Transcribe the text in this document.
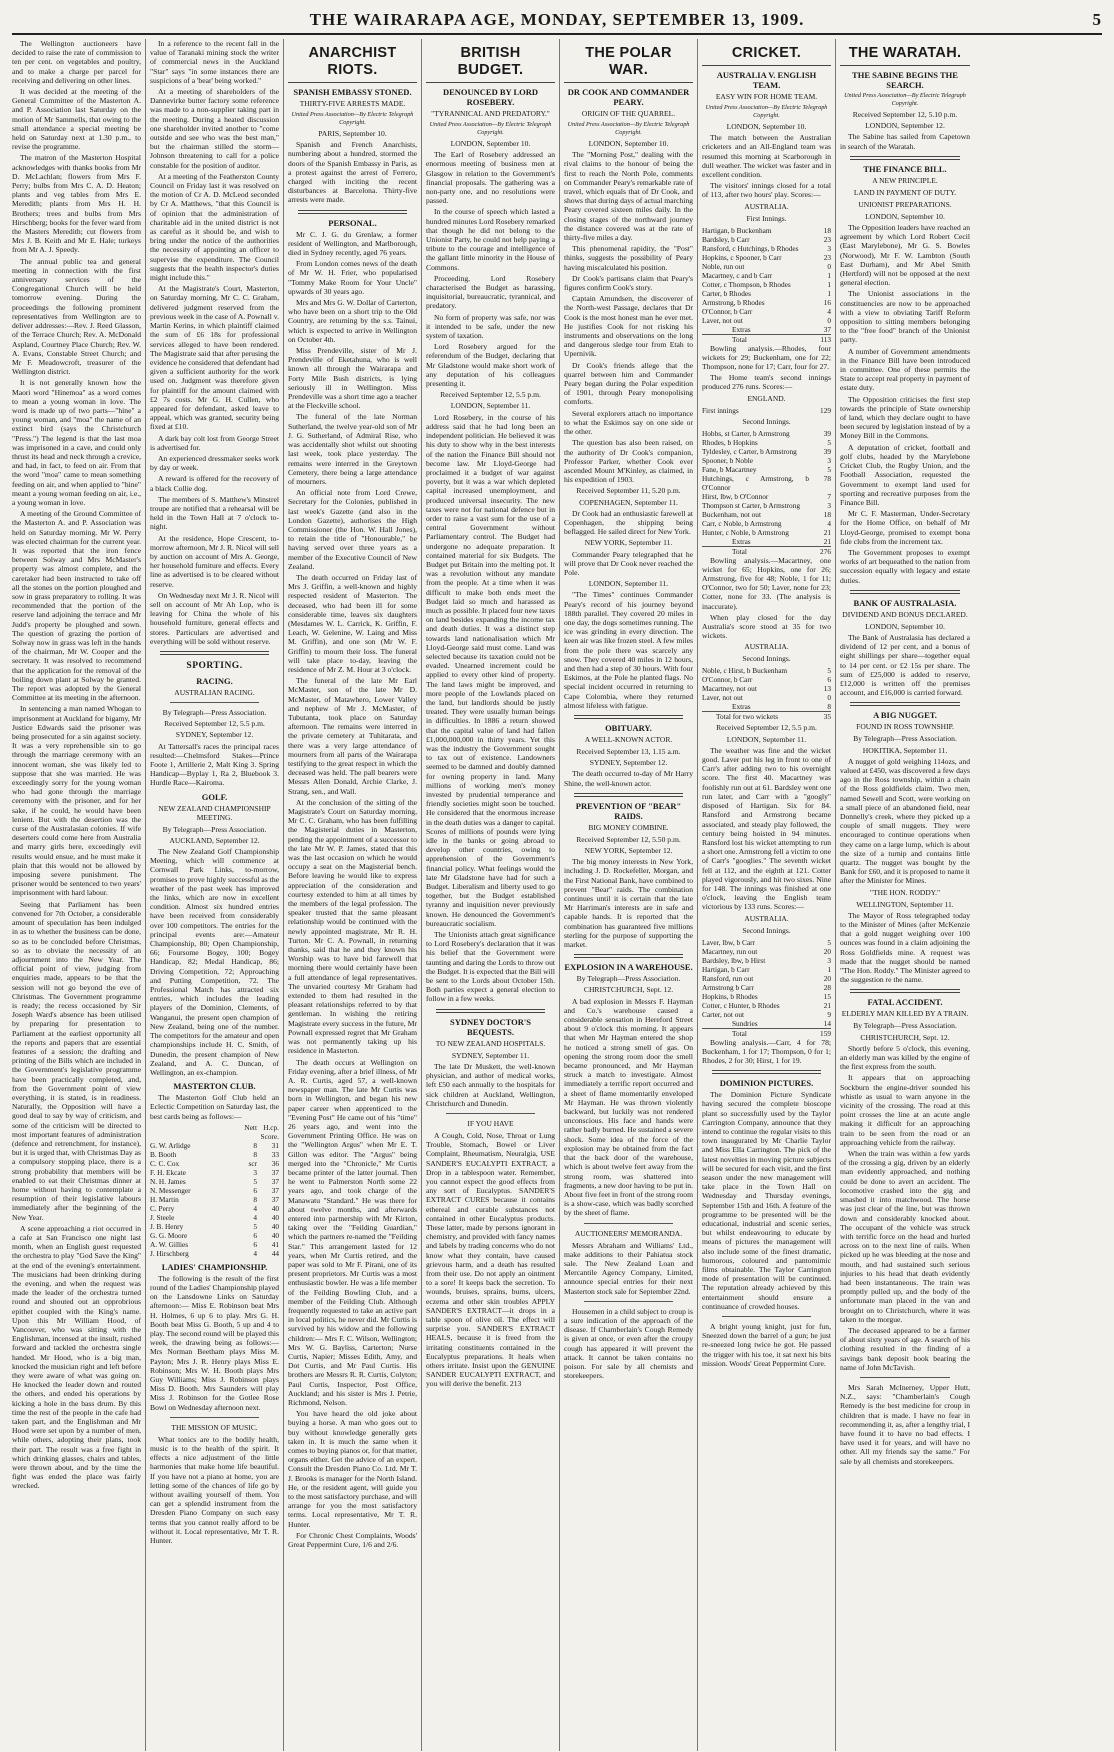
THE WAIRARAPA AGE, MONDAY, SEPTEMBER 13, 1909.	5

The Wellington auctioneers have decided to raise the rate of commission to ten per cent. on vegetables and poultry, and to make a charge per parcel for receiving and delivering on other lines.

It was decided at the meeting of the General Committee of the Masterton A. and P. Association last Saturday on the motion of Mr Sammells, that owing to the small attendance a special meeting be held on Saturday next at 1.30 p.m., to revise the programme.

The matron of the Masterton Hospital acknowledges with thanks books from Mr D. McLachlan; flowers from Mrs F. Perry; bulbs from Mrs C. A. D. Heaton; plants and veg tables from Mrs E. Meredith; plants from Mrs H. H. Brothers; trees and bulbs from Mrs Hirschberg; books for the fever ward from the Masters Meredith; cut flowers from Mrs J. B. Keith and Mr E. Hale; turkeys from Mr A. J. Speedy.

The annual public tea and general meeting in connection with the first anniversary services of the Congregational Church will be held tomorrow evening. During the proceedings the following prominent representatives from Wellington are to deliver addresses:—Rev. J. Reed Glasson, of the Terrace Church; Rev. A. McDonald Aspland, Courtney Place Church; Rev. W. A. Evans, Constable Street Church; and Mr F. Meadowcroft, treasurer of the Wellington district.

It is not generally known how the Maori word "Hinemoa" as a word comes to mean a young woman in love. The word is made up of two parts—"hine" a young woman, and "moa" the name of an extinct bird (says the Christchurch "Press.") The legend is that the last moa was imprisoned in a cave, and could only thrust its head and neck through a crevice, and had, in fact, to feed on air. From that the word "moa" came to mean something feeding on air, and when applied to "hine" meant a young woman feeding on air, i.e., a young woman in love.

A meeting of the Ground Committee of the Masterton A. and P. Association was held on Saturday morning. Mr W. Perry was elected chairman for the current year. It was reported that the iron fence between Solway and Mrs McMaster's property was almost complete, and the caretaker had been instructed to take off all the stones on the portion ploughed and sow in grass preparatory to rolling. It was recommended that the portion of the reserve land adjoining the terrace and Mr Judd's property be ploughed and sown. The question of grazing the portion of Solway now in grass was left in the hands of the chairman, Mr W. Cooper and the secretary. It was resolved to recommend that the application for the removal of the boiling down plant at Solway be granted. The report was adopted by the General Committee at its meeting in the afternoon.

In sentencing a man named Whogan to imprisonment at Auckland for bigamy, Mr Justice Edwards said the prisoner was being prosecuted for a sin against society. It was a very reprehensible sin to go through the marriage ceremony with an innocent woman, she was likely led to suppose that she was married. He was exceedingly sorry for the young woman who had gone through the marriage ceremony with the prisoner, and for her sake, if he could, he would have been lenient. But with the desertion was the curse of the Australasian colonies. If wife deserters could come here from Australia and marry girls here, exceedingly evil results would ensue, and he must make it plain that this would not be allowed by imposing severe punishment. The prisoner would be sentenced to two years' imprisonment with hard labour.

Seeing that Parliament has been convened for 7th October, a considerable amount of speculation has been indulged in as to whether the business can be done, so as to be concluded before Christmas, so as to obviate the necessity of an adjournment into the New Year. The official point of view, judging from enquiries made, appears to be that the session will not go beyond the eve of Christmas. The Government programme is ready; the recess occasioned by Sir Joseph Ward's absence has been utilised by preparing for presentation to Parliament at the earliest opportunity all the reports and papers that are essential features of a session; the drafting and printing of the Bills which are included in the Government's legislative programme have been practically completed, and, from the Government point of view everything, it is stated, is in readiness. Naturally, the Opposition will have a good deal to say by way of criticism, and some of the criticism will be directed to most important features of administration (defence and retrenchment, for instance), but it is urged that, with Christmas Day as a compulsory stopping place, there is a strong probability that members will be enabled to eat their Christmas dinner at home without having to contemplate a resumption of their legislative labours immediately after the beginning of the New Year.

A scene approaching a riot occurred in a cafe at San Francisco one night last month, when an English guest requested the orchestra to play "God Save the King" at the end of the evening's entertainment. The musicians had been drinking during the evening, and when the request was made the leader of the orchestra turned round and shouted out an opprobrious epithet coupled with the King's name. Upon this Mr William Hood, of Vancouver, who was sitting with the Englishman, incensed at the insult, rushed forward and tackled the orchestra single handed. Mr Hood, who is a big man, knocked the musician right and left before they were aware of what was going on. He knocked the leader down and routed the others, and ended his operations by kicking a hole in the bass drum. By this time the rest of the people in the cafe had taken part, and the Englishman and Mr Hood were set upon by a number of men, while others, adopting their plans, took their part. The result was a free fight in which drinking glasses, chairs and tables, were thrown about, and by the time the fight was ended the place was fairly wrecked.

In a reference to the recent fall in the value of Taranaki mining stock the writer of commercial news in the Auckland "Star" says "in some instances there are suspicions of a 'bear' being worked."

At a meeting of shareholders of the Dannevirke butter factory some reference was made to a non-supplier taking part in the meeting. During a heated discussion one shareholder invited another to "come outside and see who was the best man," but the chairman stilled the storm—Johnson threatening to call for a police constable for the position of auditor.

At a meeting of the Featherston County Council on Friday last it was resolved on the motion of Cr A. D. McLeod seconded by Cr A. Matthews, "that this Council is of opinion that the administration of charitable aid in the united district is not as careful as it should be, and wish to bring under the notice of the authorities the necessity of appointing an officer to supervise the expenditure. The Council suggests that the health inspector's duties might include this."

At the Magistrate's Court, Masterton, on Saturday morning, Mr C. C. Graham, delivered judgment reserved from the previous week in the case of A. Pownall v. Martin Kerins, in which plaintiff claimed the sum of £6 18s for professional services alleged to have been rendered. The Magistrate said that after perusing the evidence he considered that defendant had given a sufficient authority for the work used on. Judgment was therefore given for plaintiff for the amount claimed with £2 7s costs. Mr G. H. Cullen, who appeared for defendant, asked leave to appeal, which was granted, security being fixed at £10.

A dark bay colt lost from George Street is advertised for.

An experienced dressmaker seeks work by day or week.

A reward is offered for the recovery of a black Collie dog.

The members of S. Matthew's Minstrel troupe are notified that a rehearsal will be held in the Town Hall at 7 o'clock to-night.

At the residence, Hope Crescent, to-morrow afternoon, Mr J. R. Nicol will sell by auction on account of Mrs A. George, her household furniture and effects. Every line as advertised is to be cleared without reserve.

On Wednesday next Mr J. R. Nicol will sell on account of Mr Ah Lop, who is leaving for China the whole of his household furniture, general effects and stores. Particulars are advertised and everything will be sold without reserve.

SPORTING.
RACING.
AUSTRALIAN RACING.
By Telegraph—Press Association.
Received September 12, 5.5 p.m.
SYDNEY, September 12.

At Tattersall's races the principal races resulted:—Chelmsford Stakes—Prince Foote 1, Artillerie 2, Malt King 3. Spring Handicap—Byplay 1, Ra 2, Bluebook 3. Hurdle Race—Kairoma.

GOLF.
NEW ZEALAND CHAMPIONSHIP MEETING.
By Telegraph—Press Association.
AUCKLAND, September 12.

The New Zealand Golf Championship Meeting, which will commence at Cornwall Park Links, to-morrow, promises to prove highly successful as the weather of the past week has improved the links, which are now in excellent condition. Almost six hundred entries have been received from considerably over 100 competitors. The entries for the principal events are:—Amateur Championship, 80; Open Championship, 66; Foursome Bogey, 100; Bogey Handicap, 82; Medal Handicap, 86; Driving Competition, 72; Approaching and Putting Competition, 72. The Professional Match has attracted six entries, which includes the leading players of the Dominion, Clements, of Wanganui, the present open champion of New Zealand, being one of the number. The competitors for the amateur and open championships include H. C. Smith, of Dunedin, the present champion of New Zealand, and A. C. Duncan, of Wellington, an ex-champion.

MASTERTON CLUB.

The Masterton Golf Club held an Eclectic Competition on Saturday last, the best cards being as follows:—

	Nett	H.cp. Score.
G. W. Arlidge	8	31
B. Booth	8	33
C. C. Cox	scr	36
F. H. Ekcate	3	37
N. H. James	5	37
N. Messenger	6	37
H. Martin	8	37
C. Perry	4	40
J. Steele	4	40
J. B. Henry	5	40
G. G. Moore	6	40
A. W. Gillies	6	41
J. Hirschberg	4	44
LADIES' CHAMPIONSHIP.

The following is the result of the first round of the Ladies' Championship played on the Lansdowne Links on Saturday afternoon:— Miss E. Robinson beat Mrs H. Holmes, 6 up 6 to play. Mrs G. H. Booth beat Miss G. Booth, 5 up and 4 to play. The second round will be played this week, the drawing being as follows:— Mrs Norman Beetham plays Miss M. Payton; Mrs J. R. Henry plays Miss E. Robinson; Mrs W. H. Booth plays Mrs Guy Williams; Miss J. Robinson plays Miss D. Booth. Mrs Saunders will play Miss J. Robinson for the Gotlee Rose Bowl on Wednesday afternoon next.

THE MISSION OF MUSIC.

What tonics are to the bodily health, music is to the health of the spirit. It effects a nice adjustment of the little harmonies that make home life beautiful. If you have not a piano at home, you are letting some of the chances of life go by without availing yourself of them. You can get a splendid instrument from the Dresden Piano Company on such easy terms that you cannot really afford to be without it. Local representative, Mr T. R. Hunter.

ANARCHIST RIOTS.
SPANISH EMBASSY STONED.
THIRTY-FIVE ARRESTS MADE.
United Press Association—By Electric Telegraph Copyright.
PARIS, September 10.

Spanish and French Anarchists, numbering about a hundred, stormed the doors of the Spanish Embassy in Paris, as a protest against the arrest of Ferrero, charged with inciting the recent disturbances at Barcelona. Thirty-five arrests were made.

PERSONAL.

Mr C. J. G. du Grenlaw, a former resident of Wellington, and Marlborough, died in Sydney recently, aged 76 years.

From London comes news of the death of Mr W. H. Frier, who popularised "Tommy Make Room for Your Uncle" upwards of 30 years ago.

Mrs and Mrs G. W. Dollar of Carterton, who have been on a short trip to the Old Country, are returning by the s.s. Tainui, which is expected to arrive in Wellington on October 4th.

Miss Prendeville, sister of Mr J. Prendeville of Eketahuna, who is well known all through the Wairarapa and Forty Mile Bush districts, is lying seriously ill in Wellington. Miss Prendeville was a short time ago a teacher at the Fleckville school.

The funeral of the late Norman Sutherland, the twelve year-old son of Mr J. G. Sutherland, of Admiral Rise, who was accidentally shot whilst out shooting last week, took place yesterday. The remains were interred in the Greytown Cemetery, there being a large attendance of mourners.

An official note from Lord Crewe, Secretary for the Colonies, published in last week's Gazette (and also in the London Gazette), authorises the High Commissioner (the Hon. W. Hall Jones), to retain the title of "Honourable," he having served over three years as a member of the Executive Council of New Zealand.

The death occurred on Friday last of Mrs J. Griffin, a well-known and highly respected resident of Masterton. The deceased, who had been ill for some considerable time, leaves six daughters (Mesdames W. L. Carrick, K. Griffin, F. Leach, W. Gelenine, W. Laing and Miss M. Griffin), and one son (Mr W. F. Griffin) to mourn their loss. The funeral will take place to-day, leaving the residence of Mr Z. M. Hour at 3 o'clock.

The funeral of the late Mr Earl McMaster, son of the late Mr D. McMaster, of Matawhero, Lower Valley and nephew of Mr J. McMaster, of Tubutanta, took place on Saturday afternoon. The remains were interred in the private cemetery at Tuhitarata, and there was a very large attendance of mourners from all parts of the Wairarapa testifying to the great respect in which the deceased was held. The pall bearers were Messrs Allen Donald, Archie Clarke, J. Strang, sen., and Wall.

At the conclusion of the sitting of the Magistrate's Court on Saturday morning, Mr C. C. Graham, who has been fulfilling the Magisterial duties in Masterton, pending the appointment of a successor to the late Mr W. P. James, stated that this was the last occasion on which he would occupy a seat on the Magisterial bench. Before leaving he would like to express appreciation of the consideration and courtesy extended to him at all times by the members of the legal profession. The speaker trusted that the same pleasant relationship would be continued with the newly appointed magistrate, Mr R. H. Turton. Mr C. A. Pownall, in returning thanks, said that he and they known his Worship was to have bid farewell that morning there would certainly have been a full attendance of legal representatives. The unvaried courtesy Mr Graham had extended to them had resulted in the pleasant relationships referred to by that gentleman. In wishing the retiring Magistrate every success in the future, Mr Pownall expressed regret that Mr Graham was not permanently taking up his residence in Masterton.

The death occurs at Wellington on Friday evening, after a brief illness, of Mr A. R. Curtis, aged 57, a well-known newspaper man. The late Mr Curtis was born in Wellington, and began his new paper career when apprenticed to the "Evening Post" He came out of his "time" 26 years ago, and went into the Government Printing Office. He was on the "Wellington Argus" when Mr E. T. Gillon was editor. The "Argus" being merged into the "Chronicle," Mr Curtis became printer of the latter journal. Then he went to Palmerston North some 22 years ago, and took charge of the Manawatu "Standard." He was there for about twelve months, and afterwards entered into partnership with Mr Kirton, taking over the "Feilding Guardian," which the partners re-named the "Feilding Star." This arrangement lasted for 12 years, when Mr Curtis retired, and the paper was sold to Mr F. Pirani, one of its present proprietors. Mr Curtis was a most enthusiastic bowler. He was a life member of the Feilding Bowling Club, and a member of the Feilding Club. Although frequently requested to take an active part in local politics, he never did. Mr Curtis is survived by his widow and the following children:— Mrs F. C. Wilson, Wellington; Mrs W. G. Bayliss, Carterton; Nurse Curtis, Napier; Misses Edith, Amy, and Dot Curtis, and Mr Paul Curtis. His brothers are Messrs R. R. Curtis, Colyton; Paul Curtis, Inspector, Post Office, Auckland; and his sister is Mrs J. Petrie, Richmond, Nelson.

You have heard the old joke about buying a horse. A man who goes out to buy without knowledge generally gets taken in. It is much the same when it comes to buying pianos or, for that matter, organs either. Get the advice of an expert. Consult the Dresden Piano Co. Ltd. Mr T. J. Brooks is manager for the North Island. He, or the resident agent, will guide you to the most satisfactory purchase, and will arrange for you the most satisfactory terms. Local representative, Mr T. R. Hunter.

For Chronic Chest Complaints, Woods' Great Peppermint Cure, 1/6 and 2/6.

BRITISH BUDGET.
DENOUNCED BY LORD ROSEBERY.
"TYRANNICAL AND PREDATORY."
United Press Association—By Electric Telegraph Copyright.
LONDON, September 10.

The Earl of Rosebery addressed an enormous meeting of business men at Glasgow in relation to the Government's financial proposals. The gathering was a non-party one, and no resolutions were passed.

In the course of speech which lasted a hundred minutes Lord Rosebery remarked that though he did not belong to the Unionist Party, he could not help paying a tribute to the courage and intelligence of the gallant little minority in the House of Commons.

Proceeding, Lord Rosebery characterised the Budget as harassing, inquisitorial, bureaucratic, tyrannical, and predatory.

No form of property was safe, nor was it intended to be safe, under the new system of taxation.

Lord Rosebery argued for the referendum of the Budget, declaring that Mr Gladstone would make short work of any deputation of his colleagues presenting it.

Received September 12, 5.5 p.m.
LONDON, September 11.

Lord Rosebery, in the course of his address said that he had long been an independent politician. He believed it was his duty to show why in the best interests of the nation the Finance Bill should not become law. Mr Lloyd-George had proclaimed it a budget of war against poverty, but it was a war which depleted capital increased unemployment, and produced universal insecurity. The new taxes were not for national defence but in order to raise a vast sum for the use of a central Government without Parliamentary control. The Budget had undergone no adequate preparation. It contained material for six Budgets. The Budget put Britain into the melting pot. It was a revolution without any mandate from the people. At a time when it was difficult to make both ends meet the Budget laid so much and harassed as much as possible. It placed four new taxes on land besides expanding the income tax and death duties. It was a distinct step towards land nationalisation which Mr Lloyd-George said must come. Land was selected because its taxation could not be evaded. Unearned increment could be applied to every other kind of property. The land laws might be improved, and more people of the Lowlands placed on the land, but landlords should be justly treated. They were usually human beings in difficulties. In 1886 a return showed that the capital value of land had fallen £1,000,000,000 in thirty years. Yet this was the industry the Government sought to tax out of existence. Landowners seemed to be damned and doubly damned for owning property in land. Many millions of working men's money invested by prudential temperance and friendly societies might soon be touched. He considered that the enormous increase in the death duties was a danger to capital. Scores of millions of pounds were lying idle in the banks or going abroad to develop other countries, owing to apprehension of the Government's financial policy. What feelings would the late Mr Gladstone have had for such a Budget. Liberalism and liberty used to go together, but the Budget established tyranny and inquisition never previously known. He denounced the Government's bureaucratic socialism.

The Unionists attach great significance to Lord Rosebery's declaration that it was his belief that the Government were taunting and daring the Lords to throw out the Budget. It is expected that the Bill will be sent to the Lords about October 15th. Both parties expect a general election to follow in a few weeks.

SYDNEY DOCTOR'S BEQUESTS.
TO NEW ZEALAND HOSPITALS.
SYDNEY, September 11.

The late Dr Muskett, the well-known physician, and author of medical works, left £50 each annually to the hospitals for sick children at Auckland, Wellington, Christchurch and Dunedin.

IF YOU HAVE

A Cough, Cold, Nose, Throat or Lung Trouble, Stomach, Bowel or Liver Complaint, Rheumatism, Neuralgia, USE SANDER'S EUCALYPTI EXTRACT, a Drop in a tablespoon water. Remember, you cannot expect the good effects from any sort of Eucalyptus. SANDER'S EXTRACT CURES because it contains ethereal and curable substances not contained in other Eucalyptus products. These latter, made by persons ignorant in chemistry, and provided with fancy names and labels by trading concerns who do not know what they contain, have caused grievous harm, and a death has resulted from their use. Do not apply an ointment to a sore! It keeps back the secretion. To wounds, bruises, sprains, burns, ulcers, eczema and other skin troubles APPLY SANDER'S EXTRACT—it drops in a table spoon of olive oil. The effect will surprise you. SANDER'S EXTRACT HEALS, because it is freed from the irritating constituents contained in the Eucalyptus preparations. It heals when others irritate. Insist upon the GENUINE SANDER EUCALYPTI EXTRACT, and you will derive the benefit. 213

THE POLAR WAR.
DR COOK AND COMMANDER PEARY.
ORIGIN OF THE QUARREL.
United Press Association—By Electric Telegraph Copyright.
LONDON, September 10.

The "Morning Post," dealing with the rival claims to the honour of being the first to reach the North Pole, comments on Commander Peary's remarkable rate of travel, which equals that of Dr Cook, and shows that during days of actual marching Peary covered sixteen miles daily. In the closing stages of the northward journey the distance covered was at the rate of thirty-five miles a day.

This phenomenal rapidity, the "Post" thinks, suggests the possibility of Peary having miscalculated his position.

Dr Cook's partisans claim that Peary's figures confirm Cook's story.

Captain Amundsen, the discoverer of the North-west Passage, declares that Dr Cook is the most honest man he ever met. He justifies Cook for not risking his instruments and observations on the long and dangerous sledge tour from Etah to Upernivik.

Dr Cook's friends allege that the quarrel between him and Commander Peary began during the Polar expedition of 1901, through Peary monopolising comforts.

Several explorers attach no importance to what the Eskimos say on one side or the other.

The question has also been raised, on the authority of Dr Cook's companion, Professor Parker, whether Cook ever ascended Mount M'Kinley, as claimed, in his expedition of 1903.

Received September 11, 5.20 p.m.
COPENHAGEN, September 11.

Dr Cook had an enthusiastic farewell at Copenhagen, the shipping being beflagged. He sailed direct for New York.

NEW YORK, September 11.

Commander Peary telegraphed that he will prove that Dr Cook never reached the Pole.

LONDON, September 11.

"The Times" continues Commander Peary's record of his journey beyond 188th parallel. They covered 20 miles in one day, the dogs sometimes running. The ice was grinding in every direction. The keen air was like frozen steel. A few miles from the pole there was scarcely any snow. They covered 40 miles in 12 hours, and then had a step of 30 hours. With four Eskimos, at the Pole he planted flags. No special incident occurred in returning to Cape Colombia, where they returned almost lifeless with fatigue.

OBITUARY.
A WELL-KNOWN ACTOR.
Received September 13, 1.15 a.m.
SYDNEY, September 12.

The death occurred to-day of Mr Harry Shine, the well-known actor.

PREVENTION OF "BEAR" RAIDS.
BIG MONEY COMBINE.
Received September 12, 5.50 p.m.
NEW YORK, September 12.

The big money interests in New York, including J. D. Rockefeller, Morgan, and the First National Bank, have combined to prevent "Bear" raids. The combination continues until it is certain that the late Mr Harriman's interests are in safe and capable hands. It is reported that the combination has guaranteed five millions sterling for the purpose of supporting the market.

EXPLOSION IN A WAREHOUSE.
By Telegraph—Press Association.
CHRISTCHURCH, Sept. 12.

A bad explosion in Messrs F. Hayman and Co.'s warehouse caused a considerable sensation in Hereford Street about 9 o'clock this morning. It appears that when Mr Hayman entered the shop he noticed a strong smell of gas. On opening the strong room door the smell became pronounced, and Mr Hayman struck a match to investigate. Almost immediately a terrific report occurred and a sheet of flame momentarily enveloped Mr Hayman. He was thrown violently backward, but luckily was not rendered unconscious. His face and hands were rather badly burned. He sustained a severe shock. Some idea of the force of the explosion may be obtained from the fact that the back door of the warehouse, which is about twelve feet away from the strong room, was shattered into fragments, a new door having to be put in. About five feet in front of the strong room is a show-case, which was badly scorched by the sheet of flame.

AUCTIONEERS' MEMORANDA.

Messrs Abraham and Williams' Ltd., make additions to their Pahiatua stock sale. The New Zealand Loan and Mercantile Agency Company, Limited, announce special entries for their next Masterton stock sale for September 22nd.

Housemen in a child subject to croup is a sure indication of the approach of the disease. If Chamberlain's Cough Remedy is given at once, or even after the croupy cough has appeared it will prevent the attack. It cannot be taken contains no poison. For sale by all chemists and storekeepers.

CRICKET.
AUSTRALIA V. ENGLISH TEAM.
EASY WIN FOR HOME TEAM.
United Press Association—By Electric Telegraph Copyright.
LONDON, September 10.

The match between the Australian cricketers and an All-England team was resumed this morning at Scarborough in dull weather. The wicket was faster and in excellent condition.

The visitors' innings closed for a total of 113, after two hours' play. Scores:—

AUSTRALIA.
First Innings.
Hartigan, b Buckenham	18
Bardsley, b Carr	23
Ransford, c Hutchings, b Rhodes	3
Hopkins, c Spooner, b Carr	23
Noble, run out	0
Macartney, c and b Carr	1
Cotter, c Thompson, b Rhodes	1
Carter, b Rhodes	1
Armstrong, b Rhodes	16
O'Connor, b Carr	4
Laver, not out	0
Extras	37
Total	113

Bowling analysis.—Rhodes, four wickets for 29; Buckenham, one for 22; Thompson, none for 17; Carr, four for 27.

The Home team's second innings produced 276 runs. Scores:—

ENGLAND.
First innings	129
Second Innings.
Hobbs, st Carter, b Armstrong	39
Rhodes, b Hopkins	5
Tyldesley, c Carter, b Armstrong	39
Spooner, b Noble	3
Fane, b Macartney	5
Hutchings, c Armstrong, b O'Connor	78
Hirst, lbw, b O'Connor	7
Thompson st Carter, b Armstrong	3
Buckenham, not out	18
Carr, c Noble, b Armstrong	4
Hunter, c Noble, b Armstrong	21
Extras	21
Total	276

Bowling analysis.—Macartney, one wicket for 65; Hopkins, one for 26; Armstrong, five for 48; Noble, 1 for 11; O'Connor, two for 50; Laver, none for 23; Cotter, none for 33. (The analysis is inaccurate).

When play closed for the day Australia's score stood at 35 for two wickets.

AUSTRALIA.
Second Innings.
Noble, c Hirst, b Buckenham	5
O'Connor, b Carr	6
Macartney, not out	13
Laver, not out	0
Extras	8
Total for two wickets	35
Received September 12, 5.5 p.m.
LONDON, September 11.

The weather was fine and the wicket good. Laver put his leg in front to one of Carr's after adding two to his overnight score. The first 40. Macartney was foolishly run out at 61. Bardsley went one run later, and Carr with a "googly" disposed of Hartigan. Six for 84. Ransford and Armstrong became associated, and steady play followed, the century being hoisted in 94 minutes. Ransford lost his wicket attempting to run a short one. Armstrong fell a victim to one of Carr's "googlies." The seventh wicket fell at 112, and the eighth at 121. Cotter played vigorously, and hit two sixes. Nine for 148. The innings was finished at one o'clock, leaving the English team victorious by 133 runs. Scores:—

AUSTRALIA.
Second Innings.
Laver, lbw, b Carr	5
Macartney, run out	20
Bardsley, lbw, b Hirst	3
Hartigan, b Carr	1
Ransford, run out	20
Armstrong b Carr	28
Hopkins, b Rhodes	15
Cotter, c Hunter, b Rhodes	21
Carter, not out	9
Sundries	14
Total	159

Bowling analysis.—Carr, 4 for 78; Buckenham, 1 for 17; Thompson, 0 for 1; Rhodes, 2 for 30; Hirst, 1 for 19.

DOMINION PICTURES.

The Dominion Picture Syndicate having secured the complete bioscope plant so successfully used by the Taylor Carrington Company, announce that they intend to continue the regular visits to this town inaugurated by Mr Charlie Taylor and Miss Ella Carrington. The pick of the latest novelties in moving picture subjects will be secured for each visit, and the first season under the new management will take place in the Town Hall on Wednesday and Thursday evenings, September 15th and 16th. A feature of the programme to be presented will be the educational, industrial and scenic series, but whilst endeavouring to educate by means of pictures the management will also include some of the finest dramatic, humorous, coloured and pantomimic films obtainable. The Taylor Carrington mode of presentation will be continued. The reputation already achieved by this entertainment should ensure a continuance of crowded houses.

A bright young knight, just for fun, Sneezed down the barrel of a gun; he just re-sneezed long twice he got. He passed the trigger with his toe, it sat next his bits mission. Woods' Great Peppermint Cure.

THE WARATAH.
THE SABINE BEGINS THE SEARCH.
United Press Association—By Electric Telegraph Copyright.
Received September 12, 5.10 p.m.
LONDON, September 12.

The Sabine has sailed from Capetown in search of the Waratah.

THE FINANCE BILL.
A NEW PRINCIPLE.
LAND IN PAYMENT OF DUTY.
UNIONIST PREPARATIONS.
LONDON, September 10.

The Opposition leaders have reached an agreement by which Lord Robert Cecil (East Marylebone), Mr G. S. Bowles (Norwood), Mr F. W. Lambton (South East Durham), and Mr Abel Smith (Hertford) will not be opposed at the next general election.

The Unionist associations in the constituencies are now to be approached with a view to obviating Tariff Reform opposition to sitting members belonging to the "free food" branch of the Unionist party.

A number of Government amendments in the Finance Bill have been introduced in committee. One of these permits the State to accept real property in payment of estate duty.

The Opposition criticises the first step towards the principle of State ownership of land, which they declare ought to have been secured by legislation instead of by a Money Bill in the Commons.

A deputation of cricket, football and golf clubs, headed by the Marylebone Cricket Club, the Rugby Union, and the Football Association, requested the Government to exempt land used for sporting and recreative purposes from the Finance Bill.

Mr C. F. Masterman, Under-Secretary for the Home Office, on behalf of Mr Lloyd-George, promised to exempt bona fide clubs from the increment tax.

The Government proposes to exempt works of art bequeathed to the nation from succession equally with legacy and estate duties.

BANK OF AUSTRALASIA.
DIVIDEND AND BONUS DECLARED.
LONDON, September 10.

The Bank of Australasia has declared a dividend of 12 per cent, and a bonus of eight shillings per share—together equal to 14 per cent. or £2 15s per share. The sum of £25,000 is added to reserve, £12,000 is written off the premises account, and £16,000 is carried forward.

A BIG NUGGET.
FOUND IN ROSS TOWNSHIP.
By Telegraph—Press Association.
HOKITIKA, September 11.

A nugget of gold weighing 114ozs, and valued at £450, was discovered a few days ago in the Ross township, within a chain of the Ross goldfields claim. Two men, named Sewell and Scott, were working on a small piece of an abandoned field, near Donnelly's creek, where they picked up a couple of small nuggets. They were encouraged to continue operations when they came on a large lump, which is about the size of a turnip and contains little quartz. The nugget was bought by the Bank for £60, and it is proposed to name it after the Minister for Mines.

"THE HON. RODDY."
WELLINGTON, September 11.

The Mayor of Ross telegraphed today to the Minister of Mines (after McKenzie that a gold nugget weighing over 100 ounces was found in a claim adjoining the Ross Goldfields mine. A request was made that the nugget should be named "The Hon. Roddy." The Minister agreed to the suggestion re the name.

FATAL ACCIDENT.
ELDERLY MAN KILLED BY A TRAIN.
By Telegraph—Press Association.
CHRISTCHURCH, Sept. 12.

Shortly before 5 o'clock, this evening, an elderly man was killed by the engine of the first express from the south.

It appears that on approaching Sockburn the engine-driver sounded his whistle as usual to warn anyone in the vicinity of the crossing. The road at this point crosses the line at an acute angle making it difficult for an approaching train to be seen from the road or an approaching vehicle from the railway.

When the train was within a few yards of the crossing a gig, driven by an elderly man evidently approached, and nothing could be done to avert an accident. The locomotive crashed into the gig and smashed it into matchwood. The horse was just clear of the line, but was thrown down and considerably knocked about. The occupant of the vehicle was struck with terrific force on the head and hurled across on to the next line of rails. When picked up he was bleeding at the nose and mouth, and had sustained such serious injuries to his head that death evidently had been instantaneous. The train was promptly pulled up, and the body of the unfortunate man placed in the van and brought on to Christchurch, where it was taken to the morgue.

The deceased appeared to be a farmer of about sixty years of age. A search of his clothing resulted in the finding of a savings bank deposit book bearing the name of John McTavish.

Mrs Sarah McInerney, Upper Hutt, N.Z., says: "Chamberlain's Cough Remedy is the best medicine for croup in children that is made. I have no fear in recommending it, as, after a lengthy trial, I have found it to have no bad effects. I have used it for years, and will have no other. All my friends say the same." For sale by all chemists and storekeepers.
